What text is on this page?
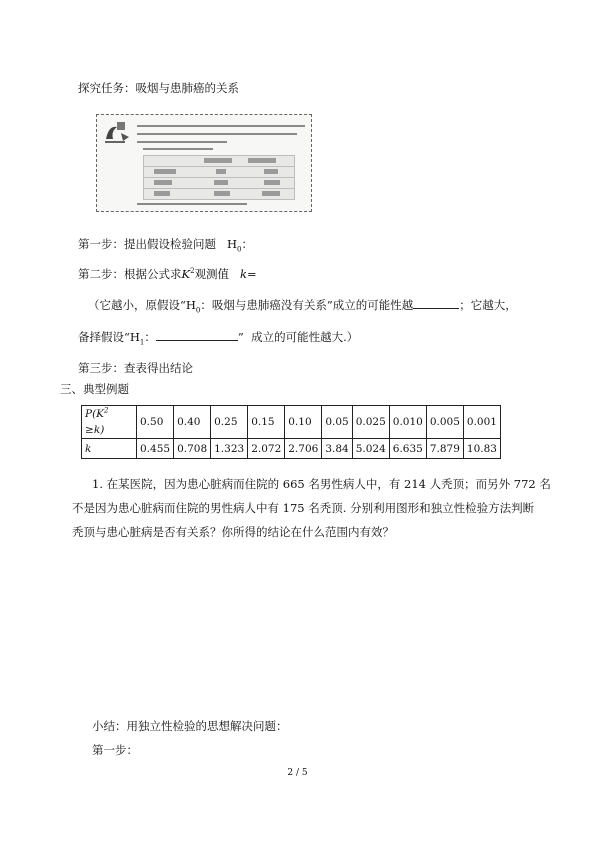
探究任务：吸烟与患肺癌的关系
第一步：提出假设检验问题   $H_0$：
第二步：根据公式求$K^2$观测值 k=
（它越小，原假设“$H_0$：吸烟与患肺癌没有关系”成立的可能性越	；它越大，
备择假设“$H_1$：	”  成立的可能性越大.）
第三步：查表得出结论
三、典型例题
$P(K^2$
≥k)	0.50	0.40	0.25	0.15	0.10	0.05	0.025	0.010	0.005	0.001
k	0.455	0.708	1.323	2.072	2.706	3.84	5.024	6.635	7.879	10.83
1. 在某医院，因为患心脏病而住院的 665 名男性病人中，有 214 人秃顶；而另外 772 名
不是因为患心脏病而住院的男性病人中有 175 名秃顶. 分别利用图形和独立性检验方法判断
秃顶与患心脏病是否有关系？你所得的结论在什么范围内有效？
小结：用独立性检验的思想解决问题：
第一步：
2 / 5
